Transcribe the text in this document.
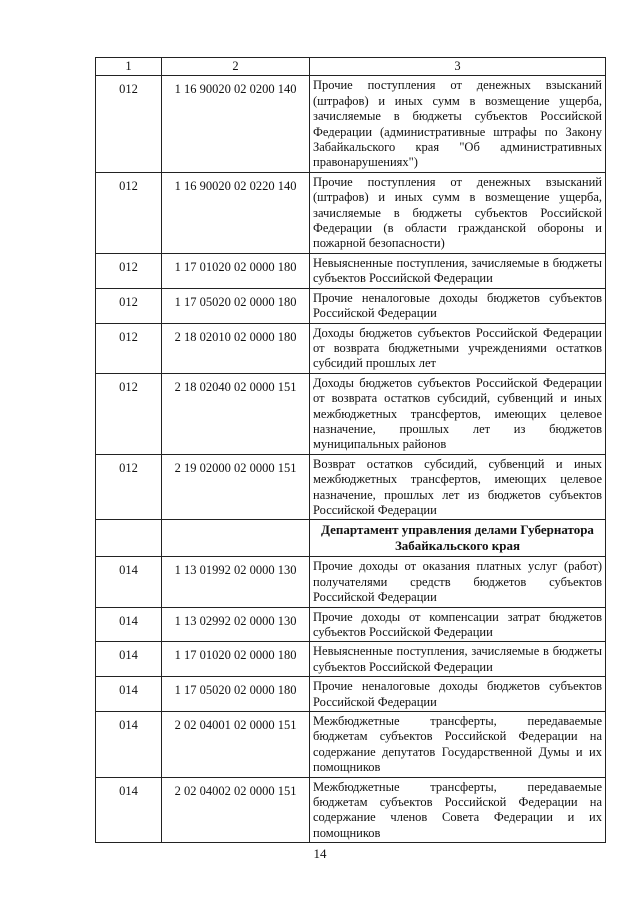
1	2	3
012	1 16 90020 02 0200 140	Прочие поступления от денежных взысканий (штрафов) и иных сумм в возмещение ущерба, зачисляемые в бюджеты субъектов Российской Федерации (административные штрафы по Закону Забайкальского края "Об административных правонарушениях")
012	1 16 90020 02 0220 140	Прочие поступления от денежных взысканий (штрафов) и иных сумм в возмещение ущерба, зачисляемые в бюджеты субъектов Российской Федерации (в области гражданской обороны и пожарной безопасности)
012	1 17 01020 02 0000 180	Невыясненные поступления, зачисляемые в бюджеты субъектов Российской Федерации
012	1 17 05020 02 0000 180	Прочие неналоговые доходы бюджетов субъектов Российской Федерации
012	2 18 02010 02 0000 180	Доходы бюджетов субъектов Российской Федерации от возврата бюджетными учреждениями остатков субсидий прошлых лет
012	2 18 02040 02 0000 151	Доходы бюджетов субъектов Российской Федерации от возврата остатков субсидий, субвенций и иных межбюджетных трансфертов, имеющих целевое назначение, прошлых лет из бюджетов муниципальных районов
012	2 19 02000 02 0000 151	Возврат остатков субсидий, субвенций и иных межбюджетных трансфертов, имеющих целевое назначение, прошлых лет из бюджетов субъектов Российской Федерации
		Департамент управления делами Губернатора Забайкальского края
014	1 13 01992 02 0000 130	Прочие доходы от оказания платных услуг (работ) получателями средств бюджетов субъектов Российской Федерации
014	1 13 02992 02 0000 130	Прочие доходы от компенсации затрат бюджетов субъектов Российской Федерации
014	1 17 01020 02 0000 180	Невыясненные поступления, зачисляемые в бюджеты субъектов Российской Федерации
014	1 17 05020 02 0000 180	Прочие неналоговые доходы бюджетов субъектов Российской Федерации
014	2 02 04001 02 0000 151	Межбюджетные трансферты, передаваемые бюджетам субъектов Российской Федерации на содержание депутатов Государственной Думы и их помощников
014	2 02 04002 02 0000 151	Межбюджетные трансферты, передаваемые бюджетам субъектов Российской Федерации на содержание членов Совета Федерации и их помощников
14
